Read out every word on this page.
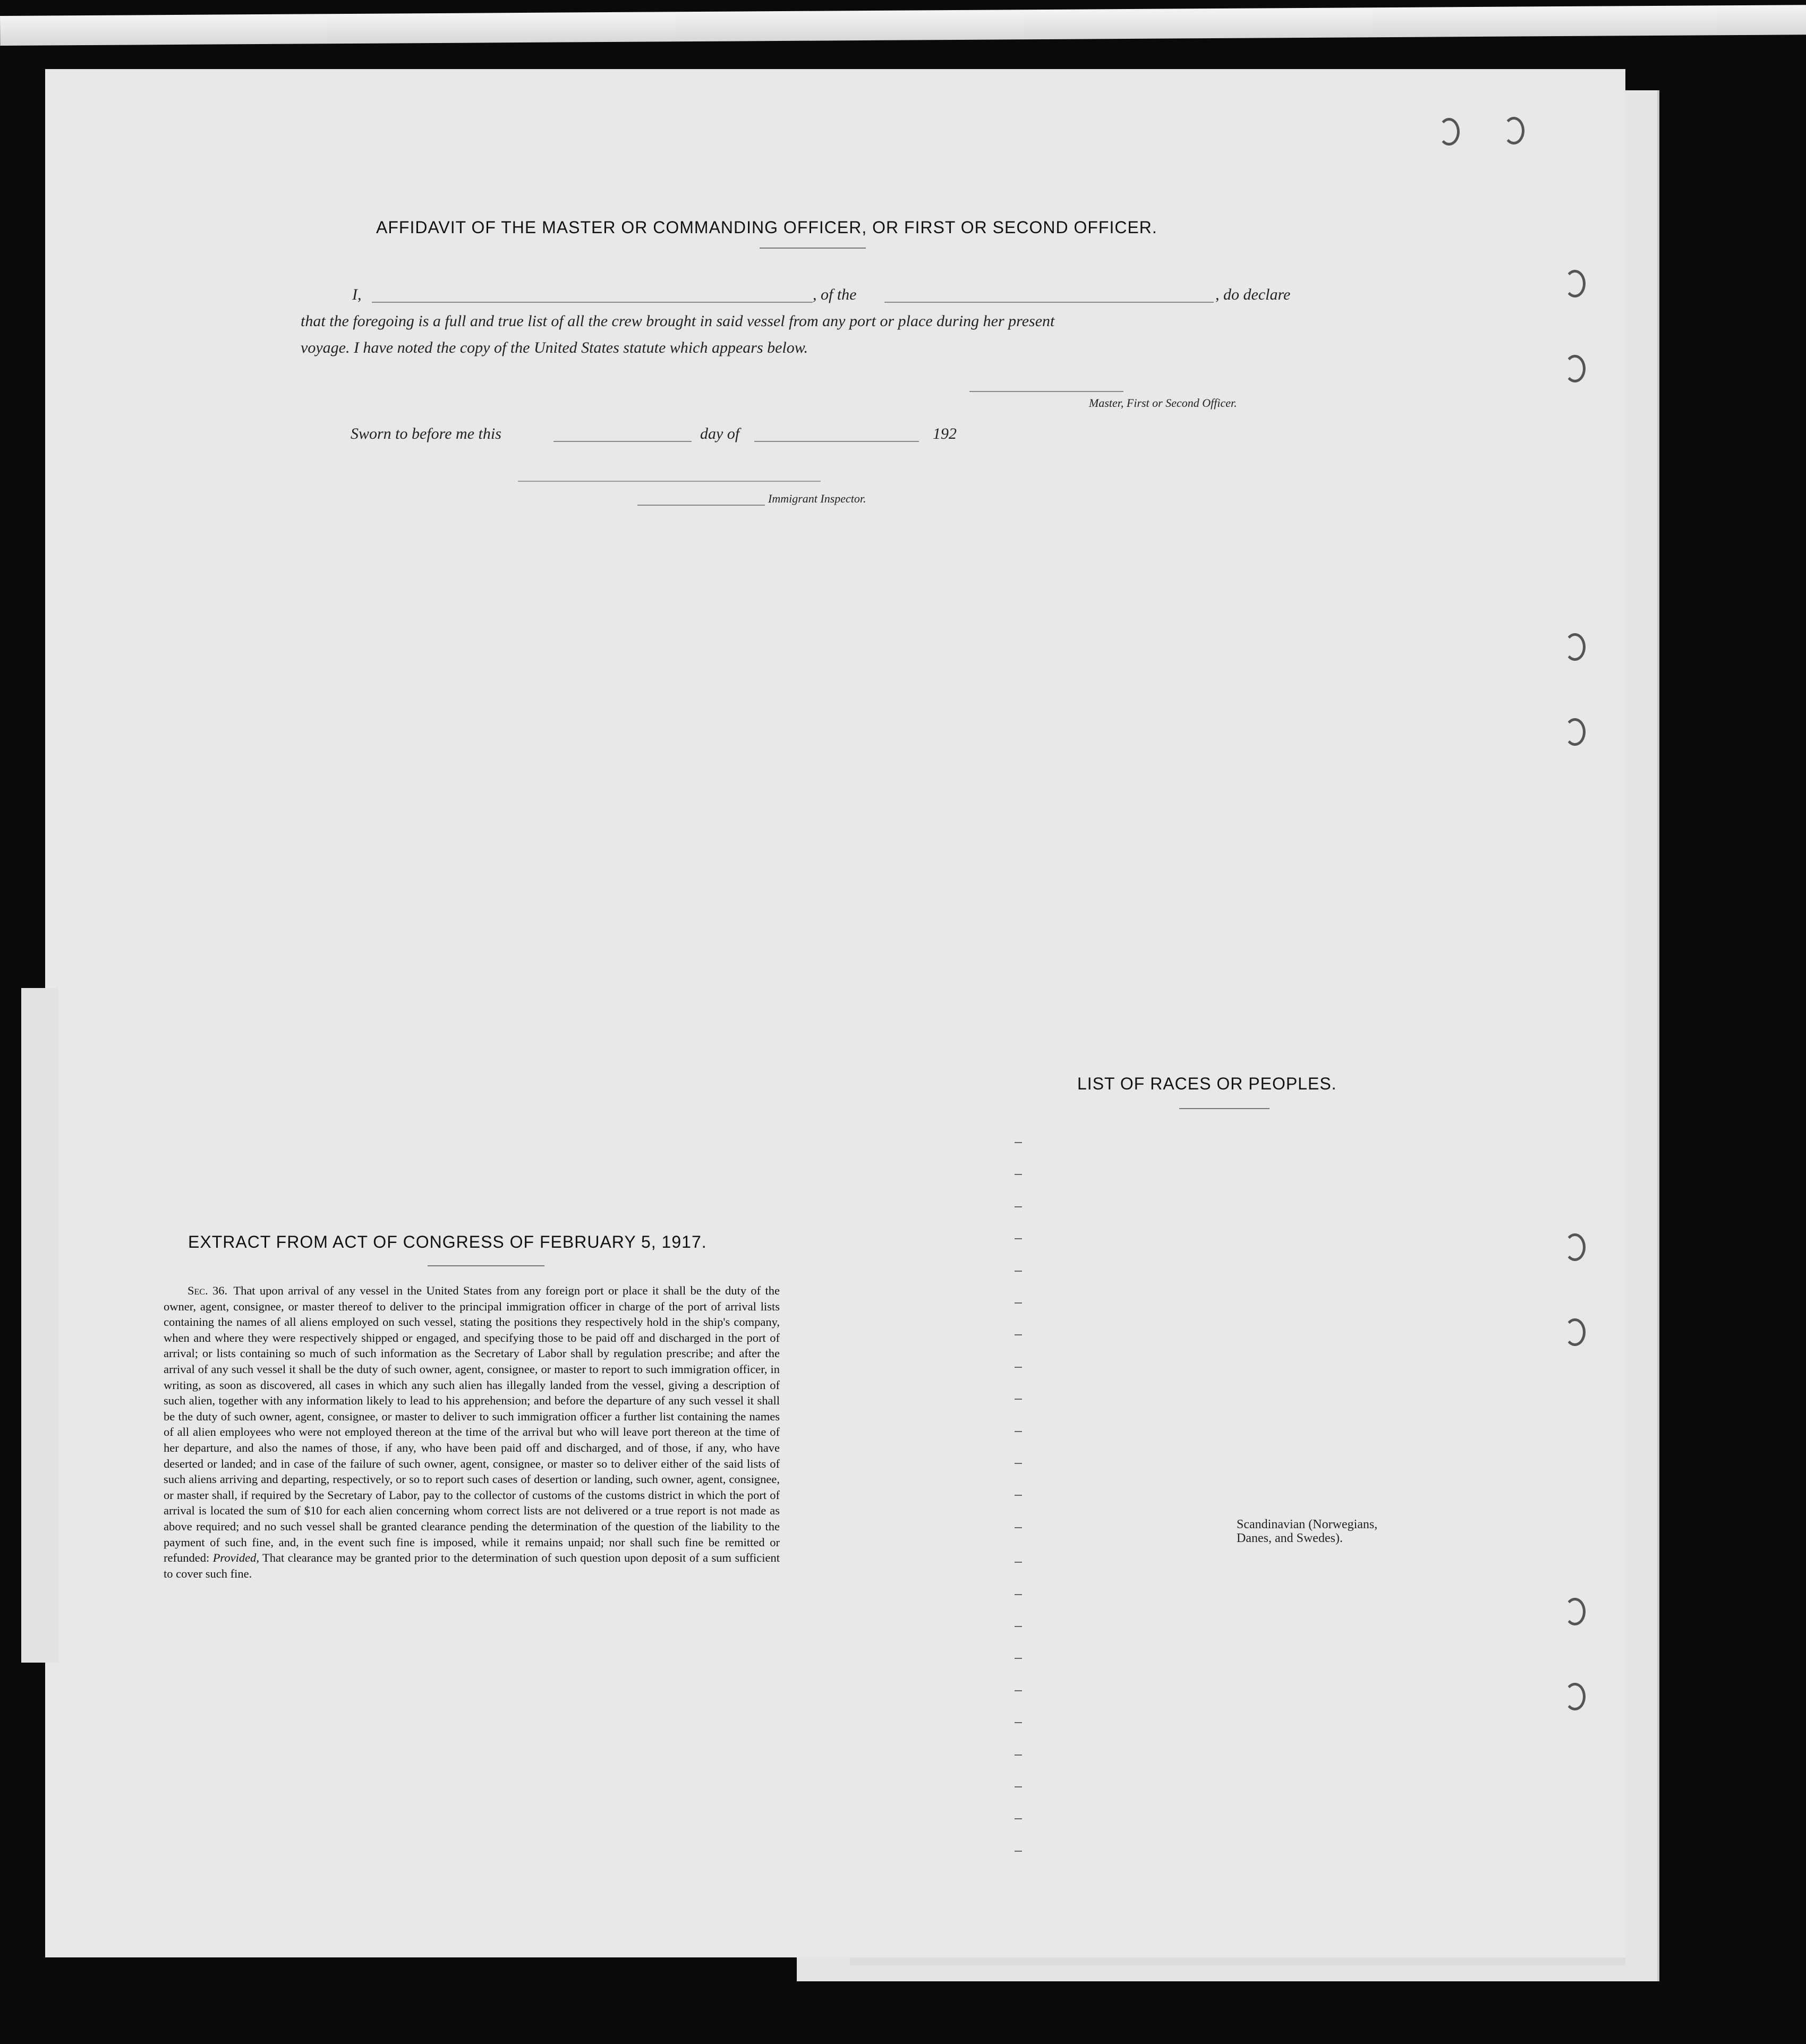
AFFIDAVIT OF THE MASTER OR COMMANDING OFFICER, OR FIRST OR SECOND OFFICER.
I,	, of the	, do declare
that the foregoing is a full and true list of all the crew brought in said vessel from any port or place during her present
voyage. I have noted the copy of the United States statute which appears below.
Master, First or Second Officer.
Sworn to before me this	day of	192
Immigrant Inspector.
EXTRACT FROM ACT OF CONGRESS OF FEBRUARY 5, 1917.
  Sec. 36.  That upon arrival of any vessel in the United States from any foreign port or place it shall be the duty of the owner, agent, consignee, or master thereof to deliver to the principal immigration officer in charge of the port of arrival lists containing the names of all aliens employed on such vessel, stating the positions they respectively hold in the ship's company, when and where they were respectively shipped or engaged, and specifying those to be paid off and discharged in the port of arrival; or lists containing so much of such information as the Secretary of Labor shall by regulation prescribe; and after the arrival of any such vessel it shall be the duty of such owner, agent, consignee, or master to report to such immigration officer, in writing, as soon as discovered, all cases in which any such alien has illegally landed from the vessel, giving a description of such alien, together with any information likely to lead to his apprehension; and before the departure of any such vessel it shall be the duty of such owner, agent, consignee, or master to deliver to such immigration officer a further list containing the names of all alien employees who were not employed thereon at the time of the arrival but who will leave port thereon at the time of her departure, and also the names of those, if any, who have been paid off and discharged, and of those, if any, who have deserted or landed; and in case of the failure of such owner, agent, consignee, or master so to deliver either of the said lists of such aliens arriving and departing, respectively, or so to report such cases of desertion or landing, such owner, agent, consignee, or master shall, if required by the Secretary of Labor, pay to the collector of customs of the customs district in which the port of arrival is located the sum of $10 for each alien concerning whom correct lists are not delivered or a true report is not made as above required; and no such vessel shall be granted clearance pending the determination of the question of the liability to the payment of such fine, and, in the event such fine is imposed, while it remains unpaid; nor shall such fine be remitted or refunded: Provided, That clearance may be granted prior to the determination of such question upon deposit of a sum sufficient to cover such fine.
LIST OF RACES OR PEOPLES.
Scandinavian (Norwegians, Danes, and Swedes).
